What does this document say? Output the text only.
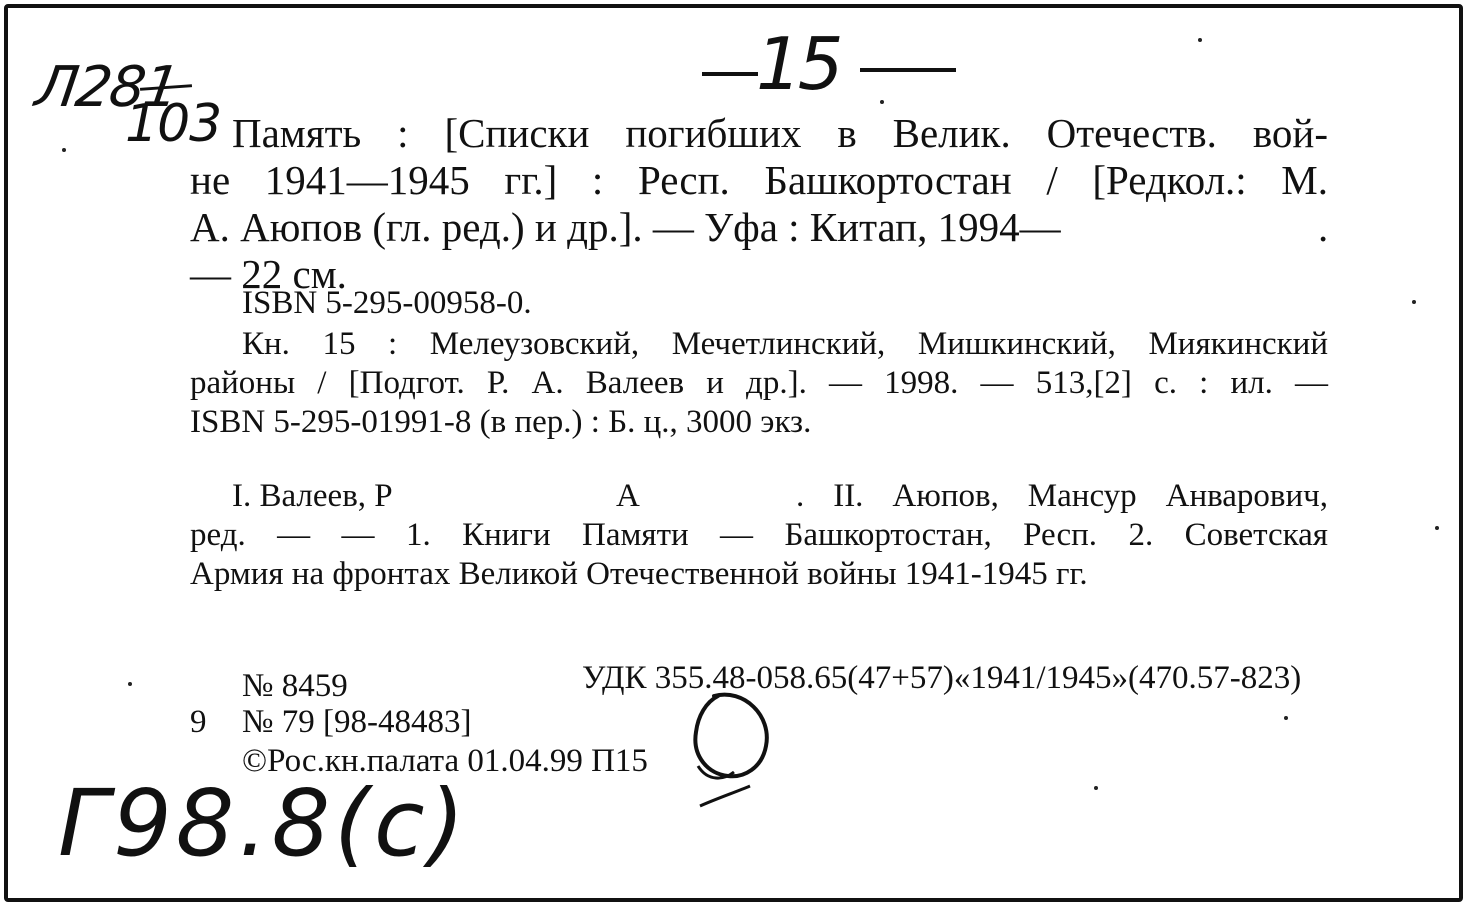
Л281
103
15
Г98.8(с)
Память : [Списки погибших в Велик. Отечеств. вой-
не 1941—1945 гг.] : Респ. Башкортостан / [Редкол.: М.
А. Аюпов (гл. ред.) и др.]. — Уфа : Китап, 1994—	.
— 22 см.
ISBN 5-295-00958-0.
Кн. 15 : Мелеузовский, Мечетлинский, Мишкинский, Миякинский
районы / [Подгот. Р. А. Валеев и др.]. — 1998. — 513,[2] с. : ил. —
ISBN 5-295-01991-8 (в пер.) : Б. ц., 3000 экз.
I. Валеев, Р	А	. II. Аюпов, Мансур Анварович,
ред. — — 1. Книги Памяти — Башкортостан, Респ. 2. Советская
Армия на фронтах Великой Отечественной войны 1941-1945 гг.
№ 8459	УДК 355.48-058.65(47+57)«1941/1945»(470.57-823)
9 № 79 [98-48483]
©Рос.кн.палата 01.04.99 П15
